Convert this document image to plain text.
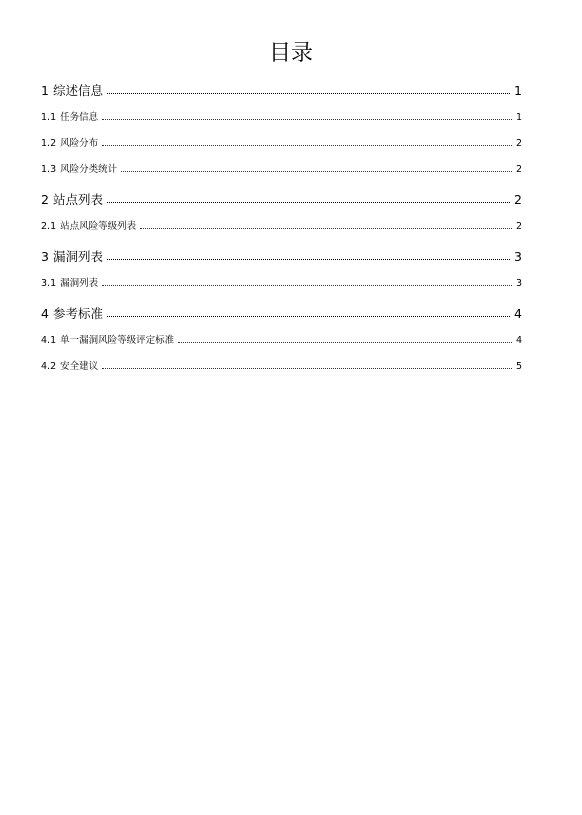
目录
1 综述信息	1
1.1 任务信息	1
1.2 风险分布	2
1.3 风险分类统计	2
2 站点列表	2
2.1 站点风险等级列表	2
3 漏洞列表	3
3.1 漏洞列表	3
4 参考标准	4
4.1 单一漏洞风险等级评定标准	4
4.2 安全建议	5
